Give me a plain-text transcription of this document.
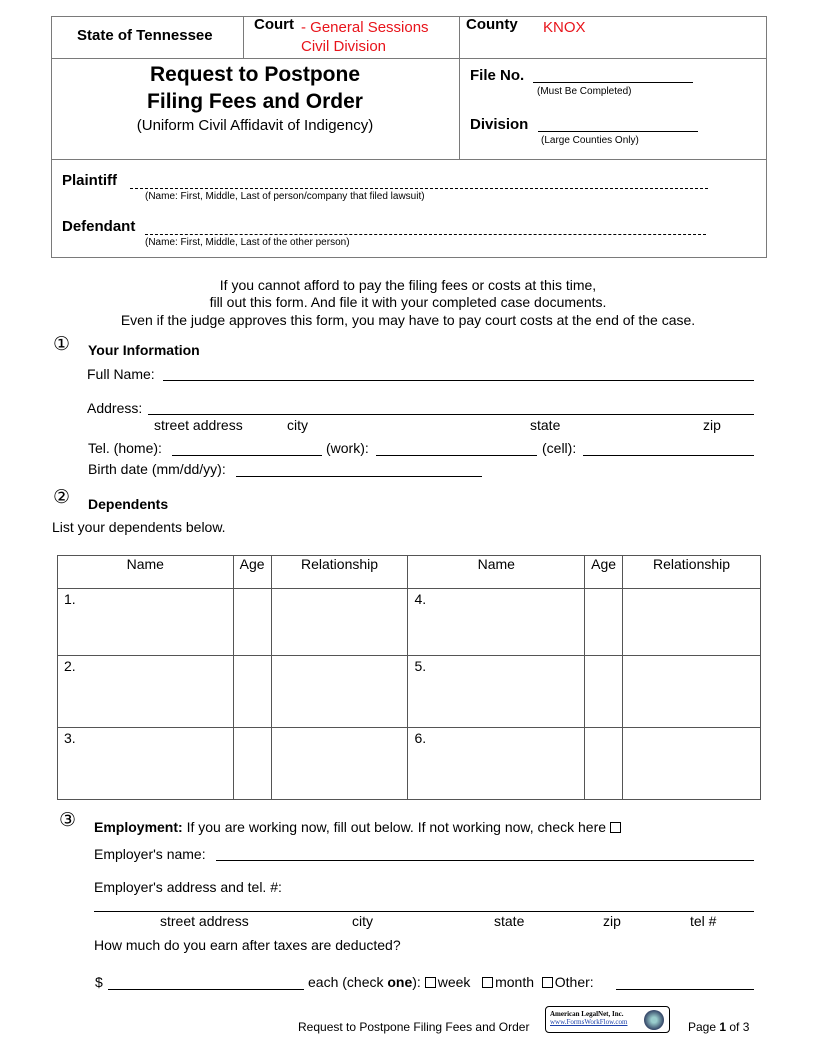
State of Tennessee
Court - General Sessions
Civil Division
County KNOX
Request to Postpone
Filing Fees and Order
(Uniform Civil Affidavit of Indigency)
File No.
(Must Be Completed)
Division
(Large Counties Only)
Plaintiff
(Name: First, Middle, Last of person/company that filed lawsuit)
Defendant
(Name: First, Middle, Last of the other person)
If you cannot afford to pay the filing fees or costs at this time,
fill out this form. And file it with your completed case documents.
Even if the judge approves this form, you may have to pay court costs at the end of the case.
① Your Information
Full Name:
Address:
street address	city	state	zip
Tel. (home):	(work):	(cell):
Birth date (mm/dd/yy):
② Dependents
List your dependents below.
Name	Age	Relationship	Name	Age	Relationship
1.			4.		
2.			5.		
3.			6.		
③ Employment: If you are working now, fill out below. If not working now, check here
Employer's name:
Employer's address and tel. #:
street address	city	state	zip	tel #
How much do you earn after taxes are deducted?
$	each (check one): week month Other:
Request to Postpone Filing Fees and Order
American LegalNet, Inc.
www.FormsWorkFlow.com	Page 1 of 3
